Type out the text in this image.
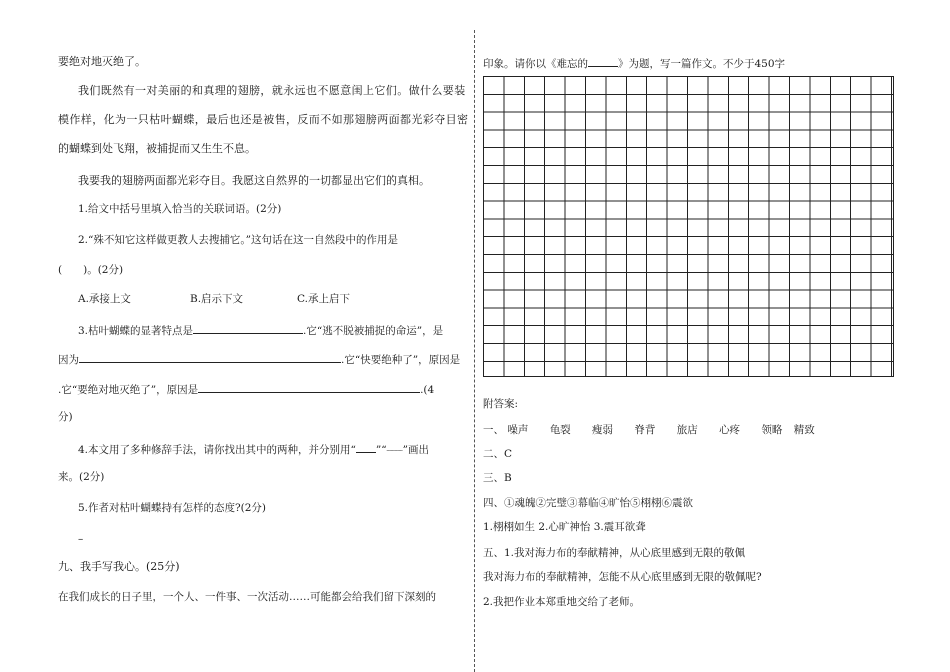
要绝对地灭绝了。
我们既然有一对美丽的和真理的翅膀，就永远也不愿意闺上它们。做什么要装
模作样，化为一只枯叶蝴蝶，最后也还是被售，反而不如那翅膀两面都光彩夺目密
的蝴蝶到处飞翔，被捕捉而又生生不息。
我要我的翅膀两面都光彩夺目。我愿这自然界的一切都显出它们的真相。
1.给文中括号里填入恰当的关联词语。(2分)
2.“殊不知它这样做更教人去搜捕它。”这句话在这一自然段中的作用是
(　　)。(2分)
A.承接上文	B.启示下文	C.承上启下
3.枯叶蝴蝶的显著特点是	.它“逃不脱被捕捉的命运”，是
因为	.它“快要绝种了”，原因是
.它“要绝对地灭绝了”，原因是	.(4
分)
4.本文用了多种修辞手法，请你找出其中的两种，并分别用“ ”“﹏﹏”画出
来。(2分)
5.作者对枯叶蝴蝶持有怎样的态度?(2分)
–
九、我手写我心。(25分)
在我们成长的日子里，一个人、一件事、一次活动……可能都会给我们留下深刻的
印象。请你以《难忘的	》为题，写一篇作文。不少于450字
附答案:
一、 噪声 龟裂 瘦弱 脊背 旅店 心疼 领略 精致
二、C
三、B
四、①魂魄②完璧③幕临④旷怡⑤栩栩⑥震欲
1.栩栩如生 2.心旷神怡 3.震耳欲聋
五、1.我对海力布的奉献精神，从心底里感到无限的敬佩
我对海力布的奉献精神，怎能不从心底里感到无限的敬佩呢?
2.我把作业本郑重地交给了老师。
